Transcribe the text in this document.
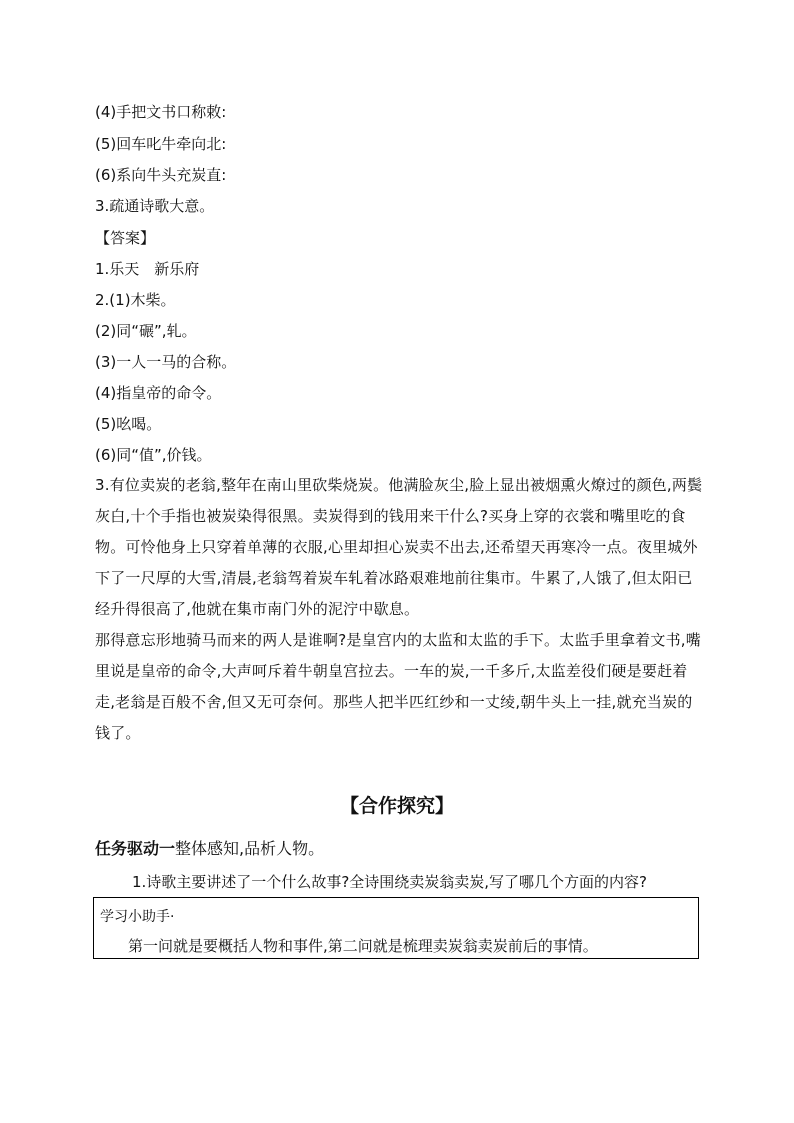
(4)手把文书口称敕:
(5)回车叱牛牵向北:
(6)系向牛头充炭直:
3.疏通诗歌大意。
【答案】
1.乐天　新乐府
2.(1)木柴。
(2)同“碾”,轧。
(3)一人一马的合称。
(4)指皇帝的命令。
(5)吆喝。
(6)同“值”,价钱。
3.有位卖炭的老翁,整年在南山里砍柴烧炭。他满脸灰尘,脸上显出被烟熏火燎过的颜色,两鬓灰白,十个手指也被炭染得很黑。卖炭得到的钱用来干什么?买身上穿的衣裳和嘴里吃的食物。可怜他身上只穿着单薄的衣服,心里却担心炭卖不出去,还希望天再寒冷一点。夜里城外下了一尺厚的大雪,清晨,老翁驾着炭车轧着冰路艰难地前往集市。牛累了,人饿了,但太阳已经升得很高了,他就在集市南门外的泥泞中歇息。
那得意忘形地骑马而来的两人是谁啊?是皇宫内的太监和太监的手下。太监手里拿着文书,嘴里说是皇帝的命令,大声呵斥着牛朝皇宫拉去。一车的炭,一千多斤,太监差役们硬是要赶着走,老翁是百般不舍,但又无可奈何。那些人把半匹红纱和一丈绫,朝牛头上一挂,就充当炭的钱了。
【合作探究】
任务驱动一整体感知,品析人物。
1.诗歌主要讲述了一个什么故事?全诗围绕卖炭翁卖炭,写了哪几个方面的内容?
学习小助手·
第一问就是要概括人物和事件,第二问就是梳理卖炭翁卖炭前后的事情。
